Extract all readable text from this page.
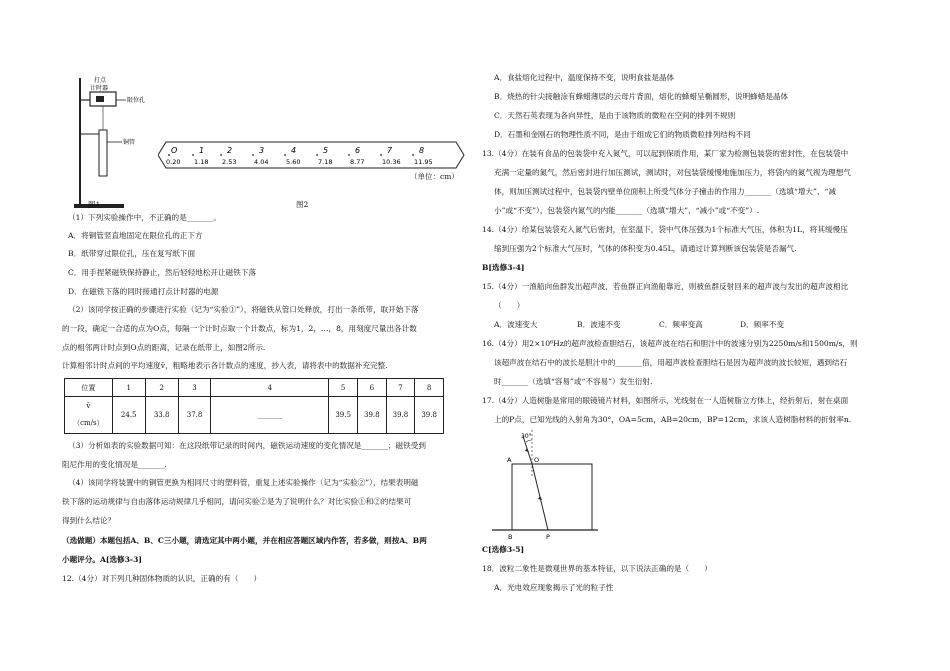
打点
计时器
限位孔
铜管
图1
O
0.20
1
1.18
2
2.53
3
4.04
4
5.60
5
7.18
6
8.77
7
10.36
8
11.95
（单位：cm）
图2
（1）下列实验操作中，不正确的是_______。
A．将铜管竖直地固定在限位孔的正下方
B．纸带穿过限位孔，压在复写纸下面
C．用手捏紧磁铁保持静止，然后轻轻地松开让磁铁下落
D．在磁铁下落的同时接通打点计时器的电源
（2）该同学按正确的步骤进行实验（记为“实验①”），将磁铁从管口处释放，打出一条纸带，取开始下落
的一段，确定一合适的点为O点，每隔一个计时点取一个计数点，标为1，2，…，8，用刻度尺量出各计数
点的相邻两计时点到O点的距离，记录在纸带上，如图2所示.
计算相邻计时点间的平均速度v̄，粗略地表示各计数点的速度，抄入表，请将表中的数据补充完整.
位置	1	2	3	4	5	6	7	8

v̄
（cm/s）	24.5	33.8	37.8	_______	39.5	39.8	39.8	39.8
（3）分析如表的实验数据可知：在这段纸带记录的时间内，磁铁运动速度的变化情况是_______；磁铁受到
阻尼作用的变化情况是_______.
（4）该同学将装置中的铜管更换为相同尺寸的塑料管，重复上述实验操作（记为“实验②”），结果表明磁
铁下落的运动规律与自由落体运动规律几乎相同，请问实验②是为了说明什么？对比实验①和②的结果可
得到什么结论？
（选做题）本题包括A、B、C三小题，请选定其中两小题，并在相应答题区域内作答，若多做，则按A、B两
小题评分。A[选修3-3]
12.（4分）对下列几种固体物质的认识，正确的有（　　）
A．食盐熔化过程中，温度保持不变，说明食盐是晶体
B．烧热的针尖接触涂有蜂蜡薄层的云母片背面，熔化的蜂蜡呈椭圆形，说明蜂蜡是晶体
C．天然石英表现为各向异性，是由于该物质的微粒在空间的排列不规则
D．石墨和金刚石的物理性质不同，是由于组成它们的物质微粒排列结构不同
13.（4分）在装有食品的包装袋中充入氮气，可以起到保质作用，某厂家为检测包装袋的密封性，在包装袋中
充满一定量的氮气，然后密封进行加压测试，测试时，对包装袋缓慢地施加压力，将袋内的氮气视为理想气
体，则加压测试过程中，包装袋内壁单位面积上所受气体分子撞击的作用力_______（选填“增大”、“减
小”或“不变”），包装袋内氮气的内能_______（选填“增大”、“减小”或“不变”）.
14.（4分）给某包装袋充入氮气后密封，在室温下，袋中气体压强为1个标准大气压，体积为1L，将其缓慢压
缩到压强为2个标准大气压时，气体的体积变为0.45L，请通过计算判断该包装袋是否漏气.
B[选修3-4]
15.（4分）一渔船向鱼群发出超声波，若鱼群正向渔船靠近，则被鱼群反射回来的超声波与发出的超声波相比
（　　）
A．波速变大	B．波速不变	C．频率变高	D．频率不变
16.（4分）用2×10⁶Hz的超声波检查胆结石，该超声波在结石和胆汁中的波速分别为2250m/s和1500m/s，则
该超声波在结石中的波长是胆汁中的_______倍，用超声波检查胆结石是因为超声波的波长较短，遇到结石
时_______（选填“容易”或“不容易”）发生衍射.
17.（4分）人造树脂是常用的眼镜镜片材料，如图所示，光线射在一人造树脂立方体上，经折射后，射在桌面
上的P点，已知光线的入射角为30°，OA=5cm，AB=20cm，BP=12cm，求该人造树脂材料的折射率n.
30°
A	O
B	P
C[选修3-5]
18．波粒二象性是微观世界的基本特征，以下说法正确的是（　　）
A．光电效应现象揭示了光的粒子性
